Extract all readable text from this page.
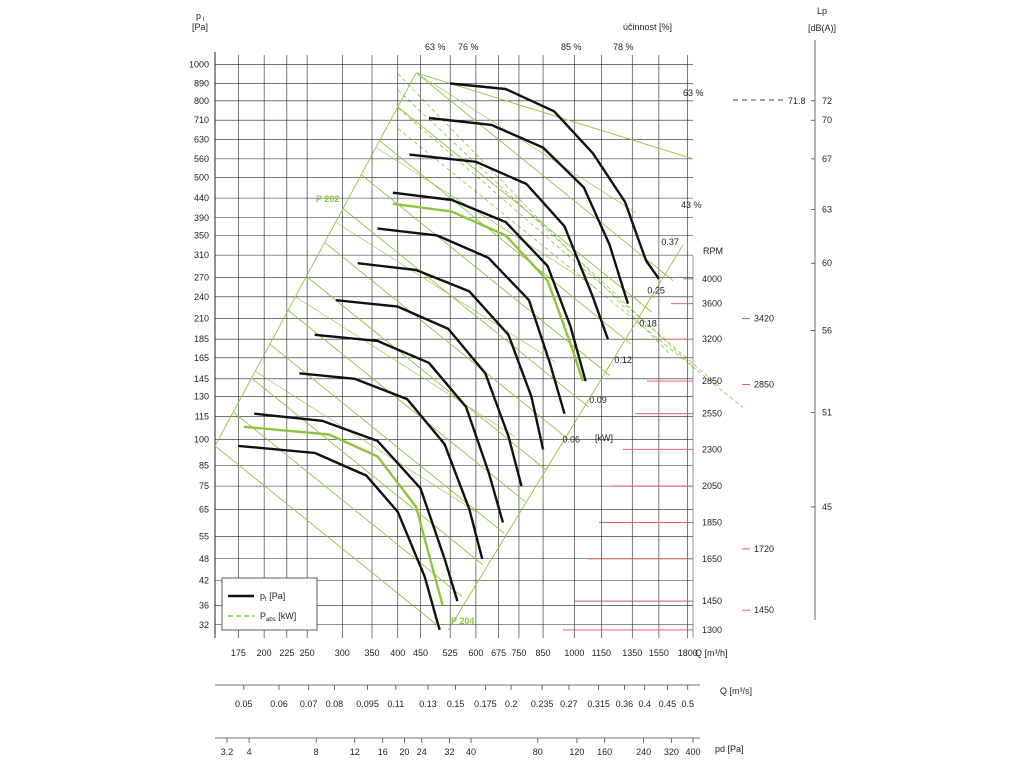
32
36
42
48
55
65
75
85
100
115
130
145
165
185
210
240
270
310
350
390
440
500
560
630
710
800
890
1000
175 200 225 250 300 350 400 450 525 600 675 750 850 1000 1150 1350 1550 1800
0.05 0.06 0.07 0.08 0.095 0.11 0.13 0.15 0.175 0.2 0.235 0.27 0.315 0.36 0.4 0.45 0.5
3.2 4	8	12 16 20 24 32 40	80	120 160	240 320 400
72
70
67
63
60
56
51
45
4000
3600
3200
2850
2550
2300
2050
1850
1650
1450
1300
3420
2850
1720
1450
0.37
0.25
0.18
0.12
0.09
0.06
p t
[Pa]
Q [m³/h]
Q [m³/s]
pd [Pa]
Lp
[dB(A)]
účinnost [%]
RPM
[kW]
63 % 76 %	85 %	78 %
63 %
43 %
P 202
P 204
71.8
$p_t$ [Pa]
$P_{abs}$ [kW]
